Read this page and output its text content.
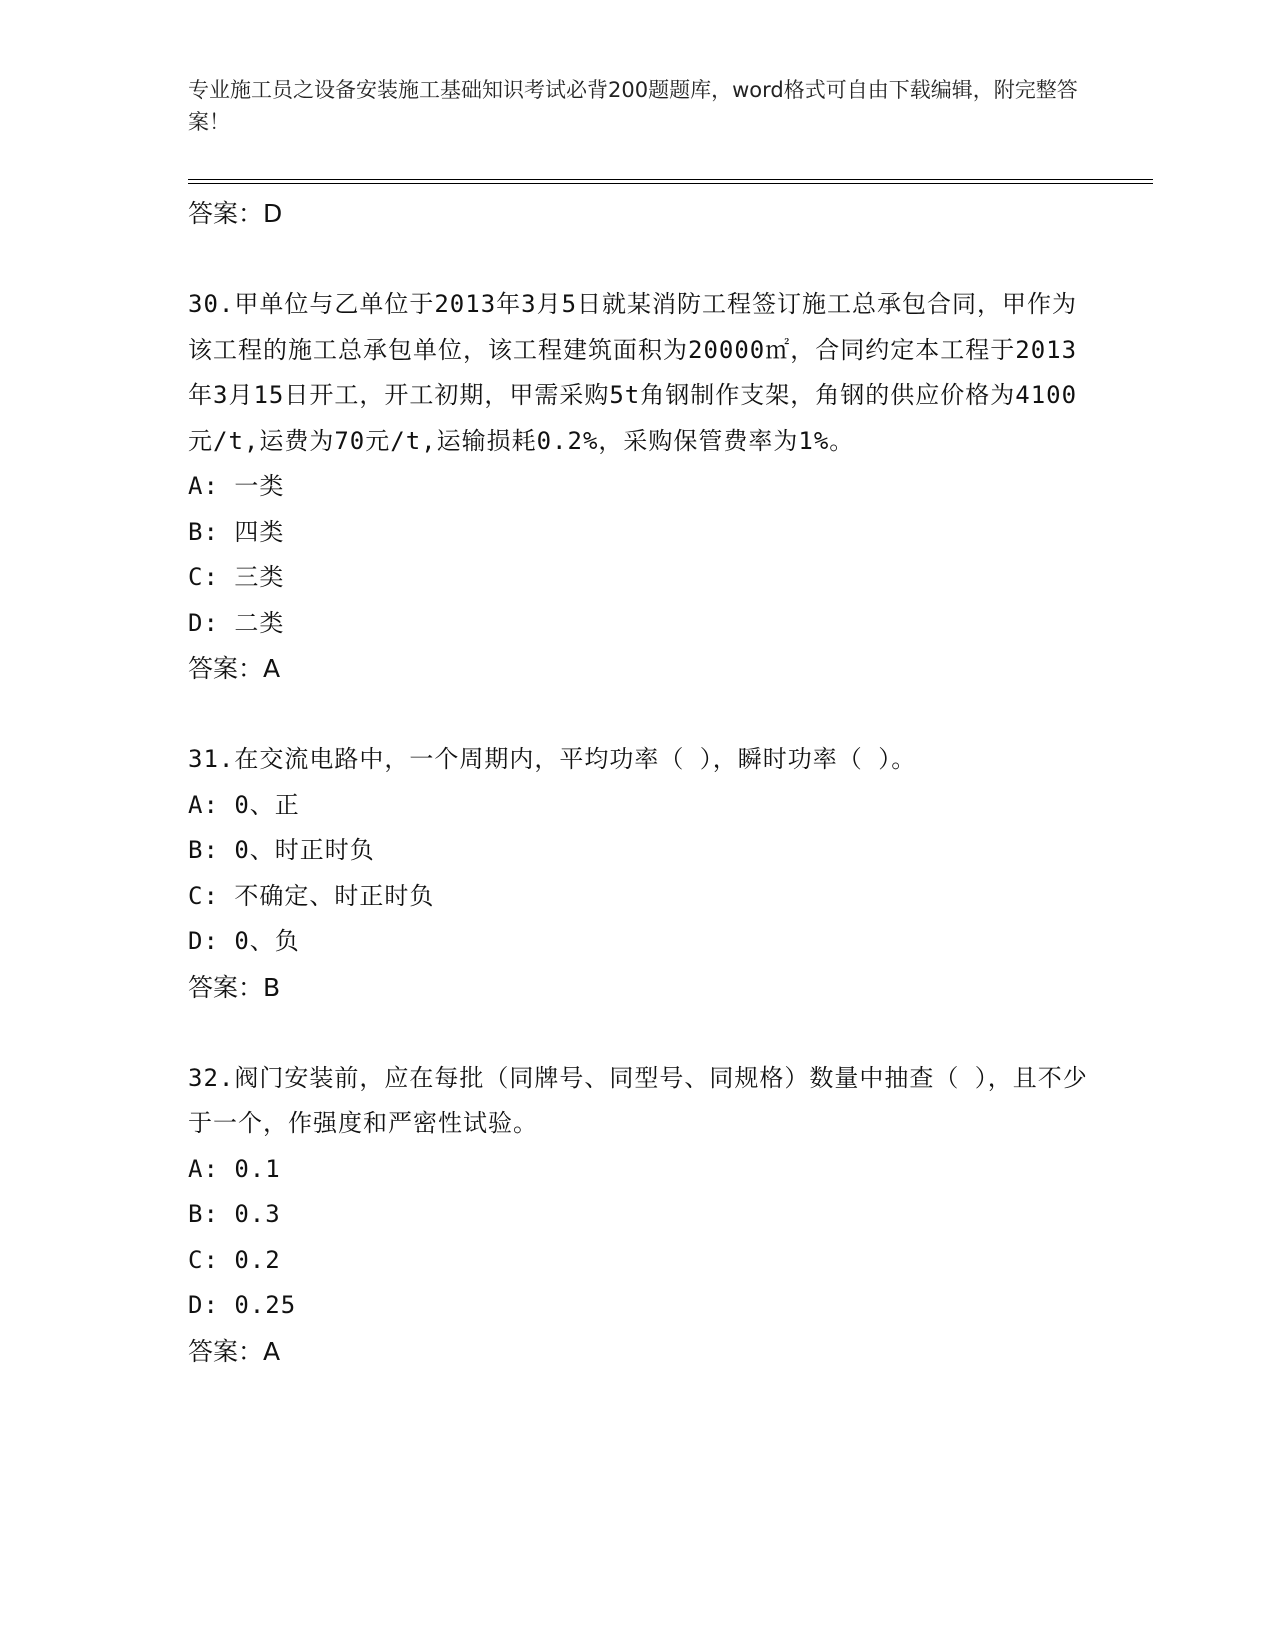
专业施工员之设备安装施工基础知识考试必背200题题库，word格式可自由下载编辑，附完整答案！
答案：D
30.甲单位与乙单位于2013年3月5日就某消防工程签订施工总承包合同，甲作为该工程的施工总承包单位，该工程建筑面积为20000㎡，合同约定本工程于2013年3月15日开工，开工初期，甲需采购5t角钢制作支架，角钢的供应价格为4100元/t,运费为70元/t,运输损耗0.2%，采购保管费率为1%。
A: 一类
B: 四类
C: 三类
D: 二类
答案：A
31.在交流电路中，一个周期内，平均功率（ ），瞬时功率（ ）。
A: 0、正
B: 0、时正时负
C: 不确定、时正时负
D: 0、负
答案：B
32.阀门安装前，应在每批（同牌号、同型号、同规格）数量中抽查（ ），且不少于一个，作强度和严密性试验。
A: 0.1
B: 0.3
C: 0.2
D: 0.25
答案：A
